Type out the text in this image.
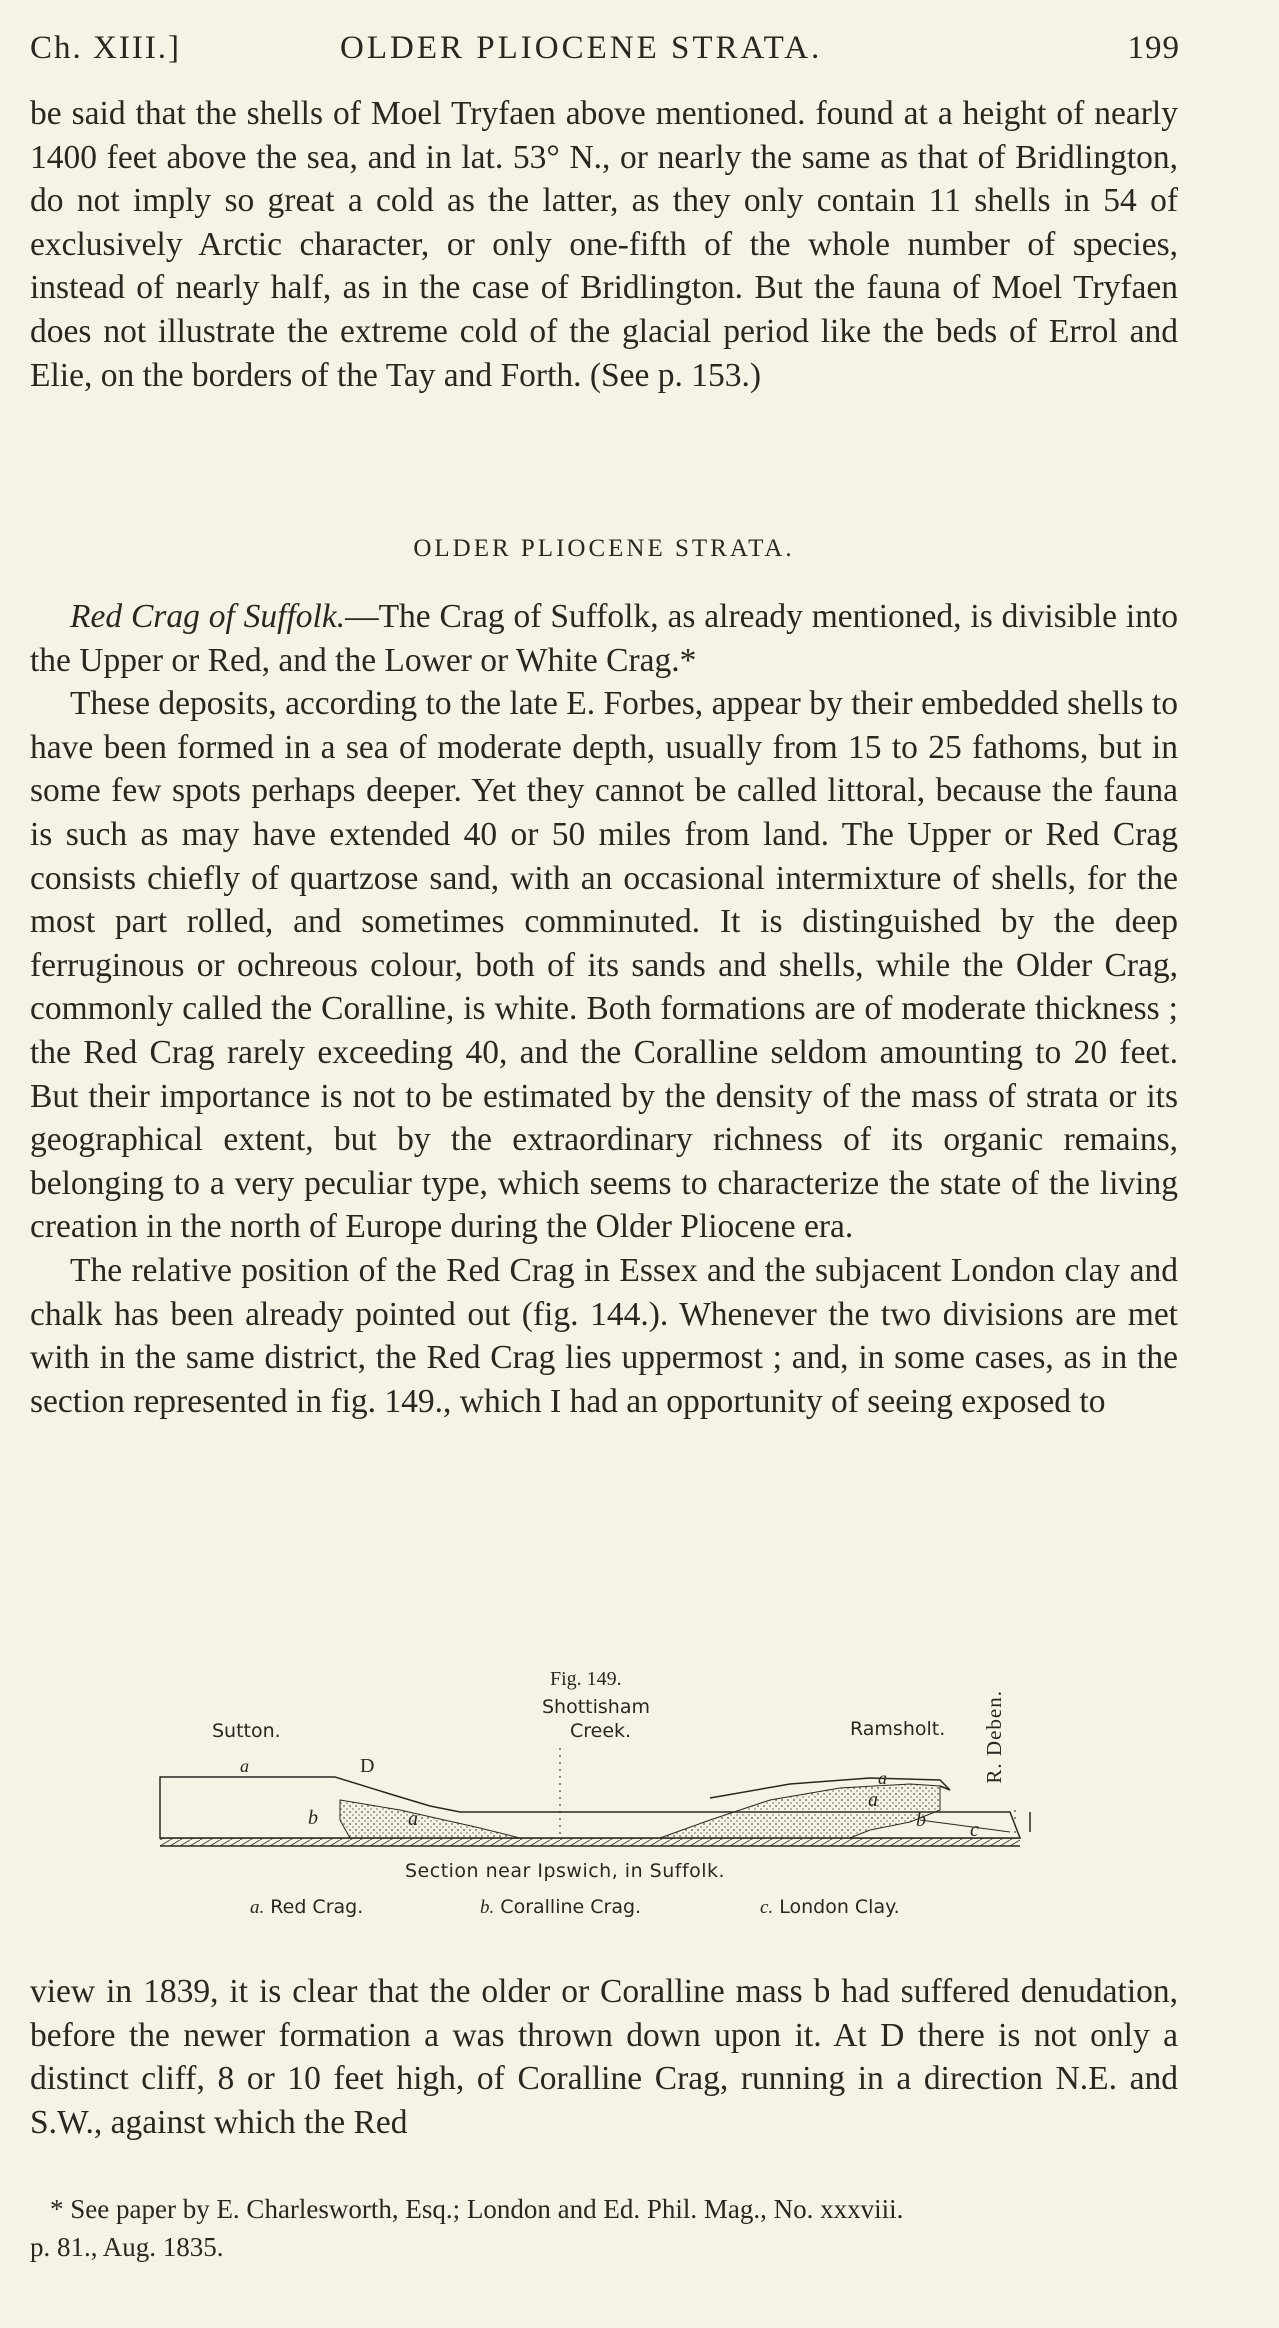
Ch. XIII.]	OLDER PLIOCENE STRATA.	199

be said that the shells of Moel Tryfaen above mentioned. found at a height of nearly 1400 feet above the sea, and in lat. 53° N., or nearly the same as that of Bridlington, do not imply so great a cold as the latter, as they only contain 11 shells in 54 of exclusively Arctic character, or only one-fifth of the whole number of species, instead of nearly half, as in the case of Bridlington. But the fauna of Moel Tryfaen does not illustrate the extreme cold of the glacial period like the beds of Errol and Elie, on the borders of the Tay and Forth. (See p. 153.)

OLDER PLIOCENE STRATA.

Red Crag of Suffolk.—The Crag of Suffolk, as already mentioned, is divisible into the Upper or Red, and the Lower or White Crag.*

These deposits, according to the late E. Forbes, appear by their embedded shells to have been formed in a sea of moderate depth, usually from 15 to 25 fathoms, but in some few spots perhaps deeper. Yet they cannot be called littoral, because the fauna is such as may have extended 40 or 50 miles from land. The Upper or Red Crag consists chiefly of quartzose sand, with an occasional intermixture of shells, for the most part rolled, and sometimes comminuted. It is distinguished by the deep ferruginous or ochreous colour, both of its sands and shells, while the Older Crag, commonly called the Coralline, is white. Both formations are of moderate thickness ; the Red Crag rarely exceeding 40, and the Coralline seldom amounting to 20 feet. But their importance is not to be estimated by the density of the mass of strata or its geographical extent, but by the extraordinary richness of its organic remains, belonging to a very peculiar type, which seems to characterize the state of the living creation in the north of Europe during the Older Pliocene era.

The relative position of the Red Crag in Essex and the subjacent London clay and chalk has been already pointed out (fig. 144.). Whenever the two divisions are met with in the same district, the Red Crag lies uppermost ; and, in some cases, as in the section represented in fig. 149., which I had an opportunity of seeing exposed to

a	D
b	a
a
a
b c
Fig. 149.
Shottisham
Creek.
Sutton.	Ramsholt. R. Deben.
Section near Ipswich, in Suffolk.
a. Red Crag.	b. Coralline Crag.	c. London Clay.

view in 1839, it is clear that the older or Coralline mass b had suffered denudation, before the newer formation a was thrown down upon it. At D there is not only a distinct cliff, 8 or 10 feet high, of Coralline Crag, running in a direction N.E. and S.W., against which the Red

* See paper by E. Charlesworth, Esq.; London and Ed. Phil. Mag., No. xxxviii.

p. 81., Aug. 1835.
